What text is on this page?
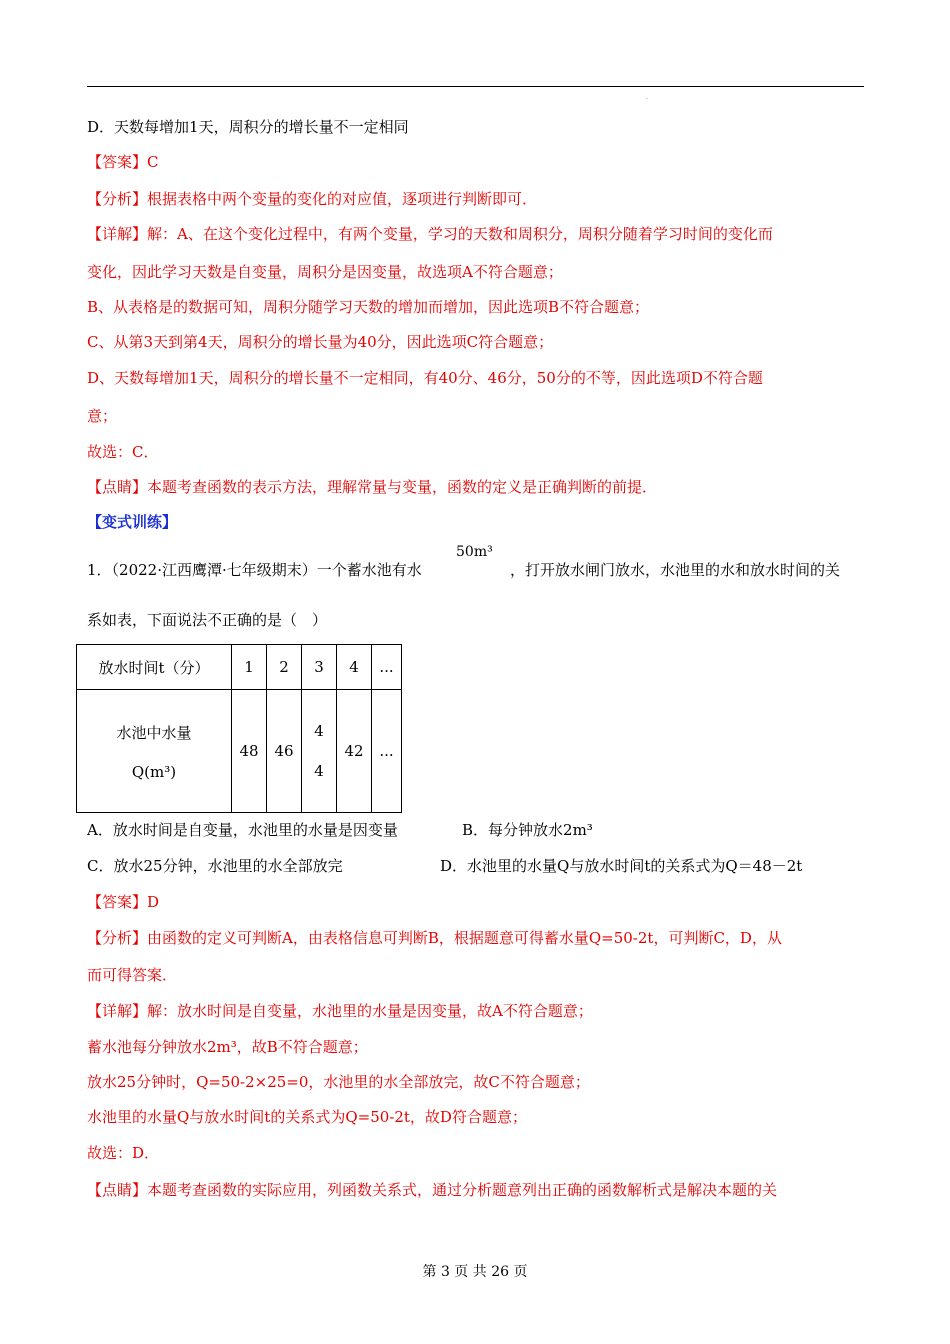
.
D．天数每增加1天，周积分的增长量不一定相同
【答案】C
【分析】根据表格中两个变量的变化的对应值，逐项进行判断即可．
【详解】解：A、在这个变化过程中，有两个变量，学习的天数和周积分，周积分随着学习时间的变化而
变化，因此学习天数是自变量，周积分是因变量，故选项A不符合题意；
B、从表格是的数据可知，周积分随学习天数的增加而增加，因此选项B不符合题意；
C、从第3天到第4天，周积分的增长量为40分，因此选项C符合题意；
D、天数每增加1天，周积分的增长量不一定相同，有40分、46分，50分的不等，因此选项D不符合题
意；
故选：C．
【点睛】本题考查函数的表示方法，理解常量与变量，函数的定义是正确判断的前提．
【变式训练】
1．（2022·江西鹰潭·七年级期末）一个蓄水池有水
50m³
，打开放水闸门放水，水池里的水和放水时间的关
系如表，下面说法不正确的是（　）
放水时间t（分）	1	2	3	4	...

水池中水量
Q(m³)	48	46	44	42	...
A．放水时间是自变量，水池里的水量是因变量	B．每分钟放水2m³
C．放水25分钟，水池里的水全部放完	D．水池里的水量Q与放水时间t的关系式为Q＝48－2t
【答案】D
【分析】由函数的定义可判断A，由表格信息可判断B，根据题意可得蓄水量Q=50-2t，可判断C，D，从
而可得答案．
【详解】解：放水时间是自变量，水池里的水量是因变量，故A不符合题意；
蓄水池每分钟放水2m³，故B不符合题意；
放水25分钟时，Q=50-2×25=0，水池里的水全部放完，故C不符合题意；
水池里的水量Q与放水时间t的关系式为Q=50-2t，故D符合题意；
故选：D．
【点睛】本题考查函数的实际应用，列函数关系式，通过分析题意列出正确的函数解析式是解决本题的关
第 3 页 共 26 页
